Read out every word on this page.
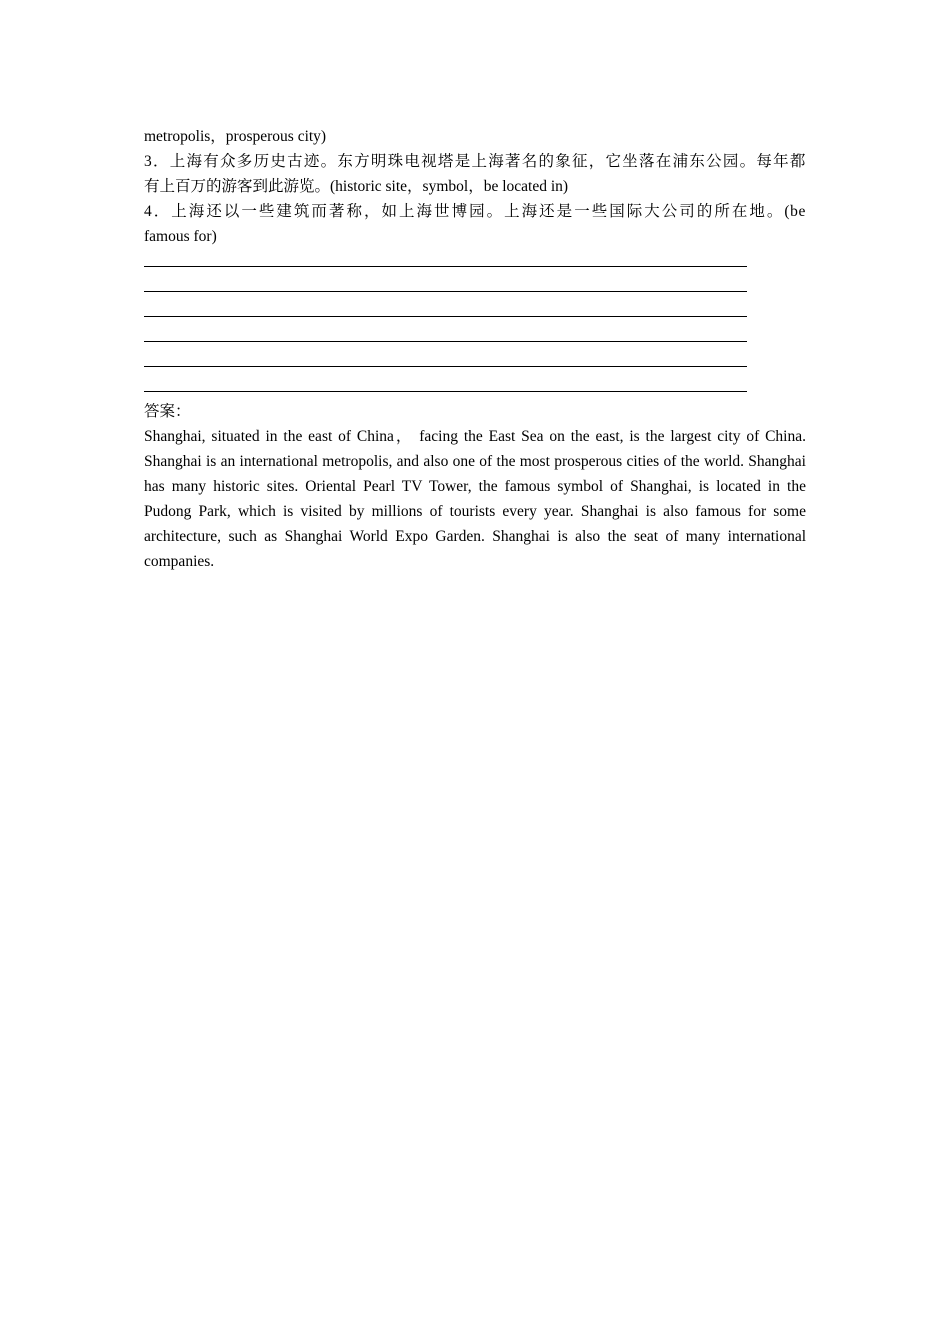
metropolis，prosperous city)
3．上海有众多历史古迹。东方明珠电视塔是上海著名的象征，它坐落在浦东公园。每年都
有上百万的游客到此游览。(historic site，symbol，be located in)
4．上海还以一些建筑而著称，如上海世博园。上海还是一些国际大公司的所在地。(be
famous for)
答案：
Shanghai, situated in the east of China， facing the East Sea on the east, is the largest city of China. Shanghai is an international metropolis, and also one of the most prosperous cities of the world. Shanghai has many historic sites. Oriental Pearl TV Tower, the famous symbol of Shanghai, is located in the Pudong Park, which is visited by millions of tourists every year. Shanghai is also famous for some architecture, such as Shanghai World Expo Garden. Shanghai is also the seat of many international companies.
